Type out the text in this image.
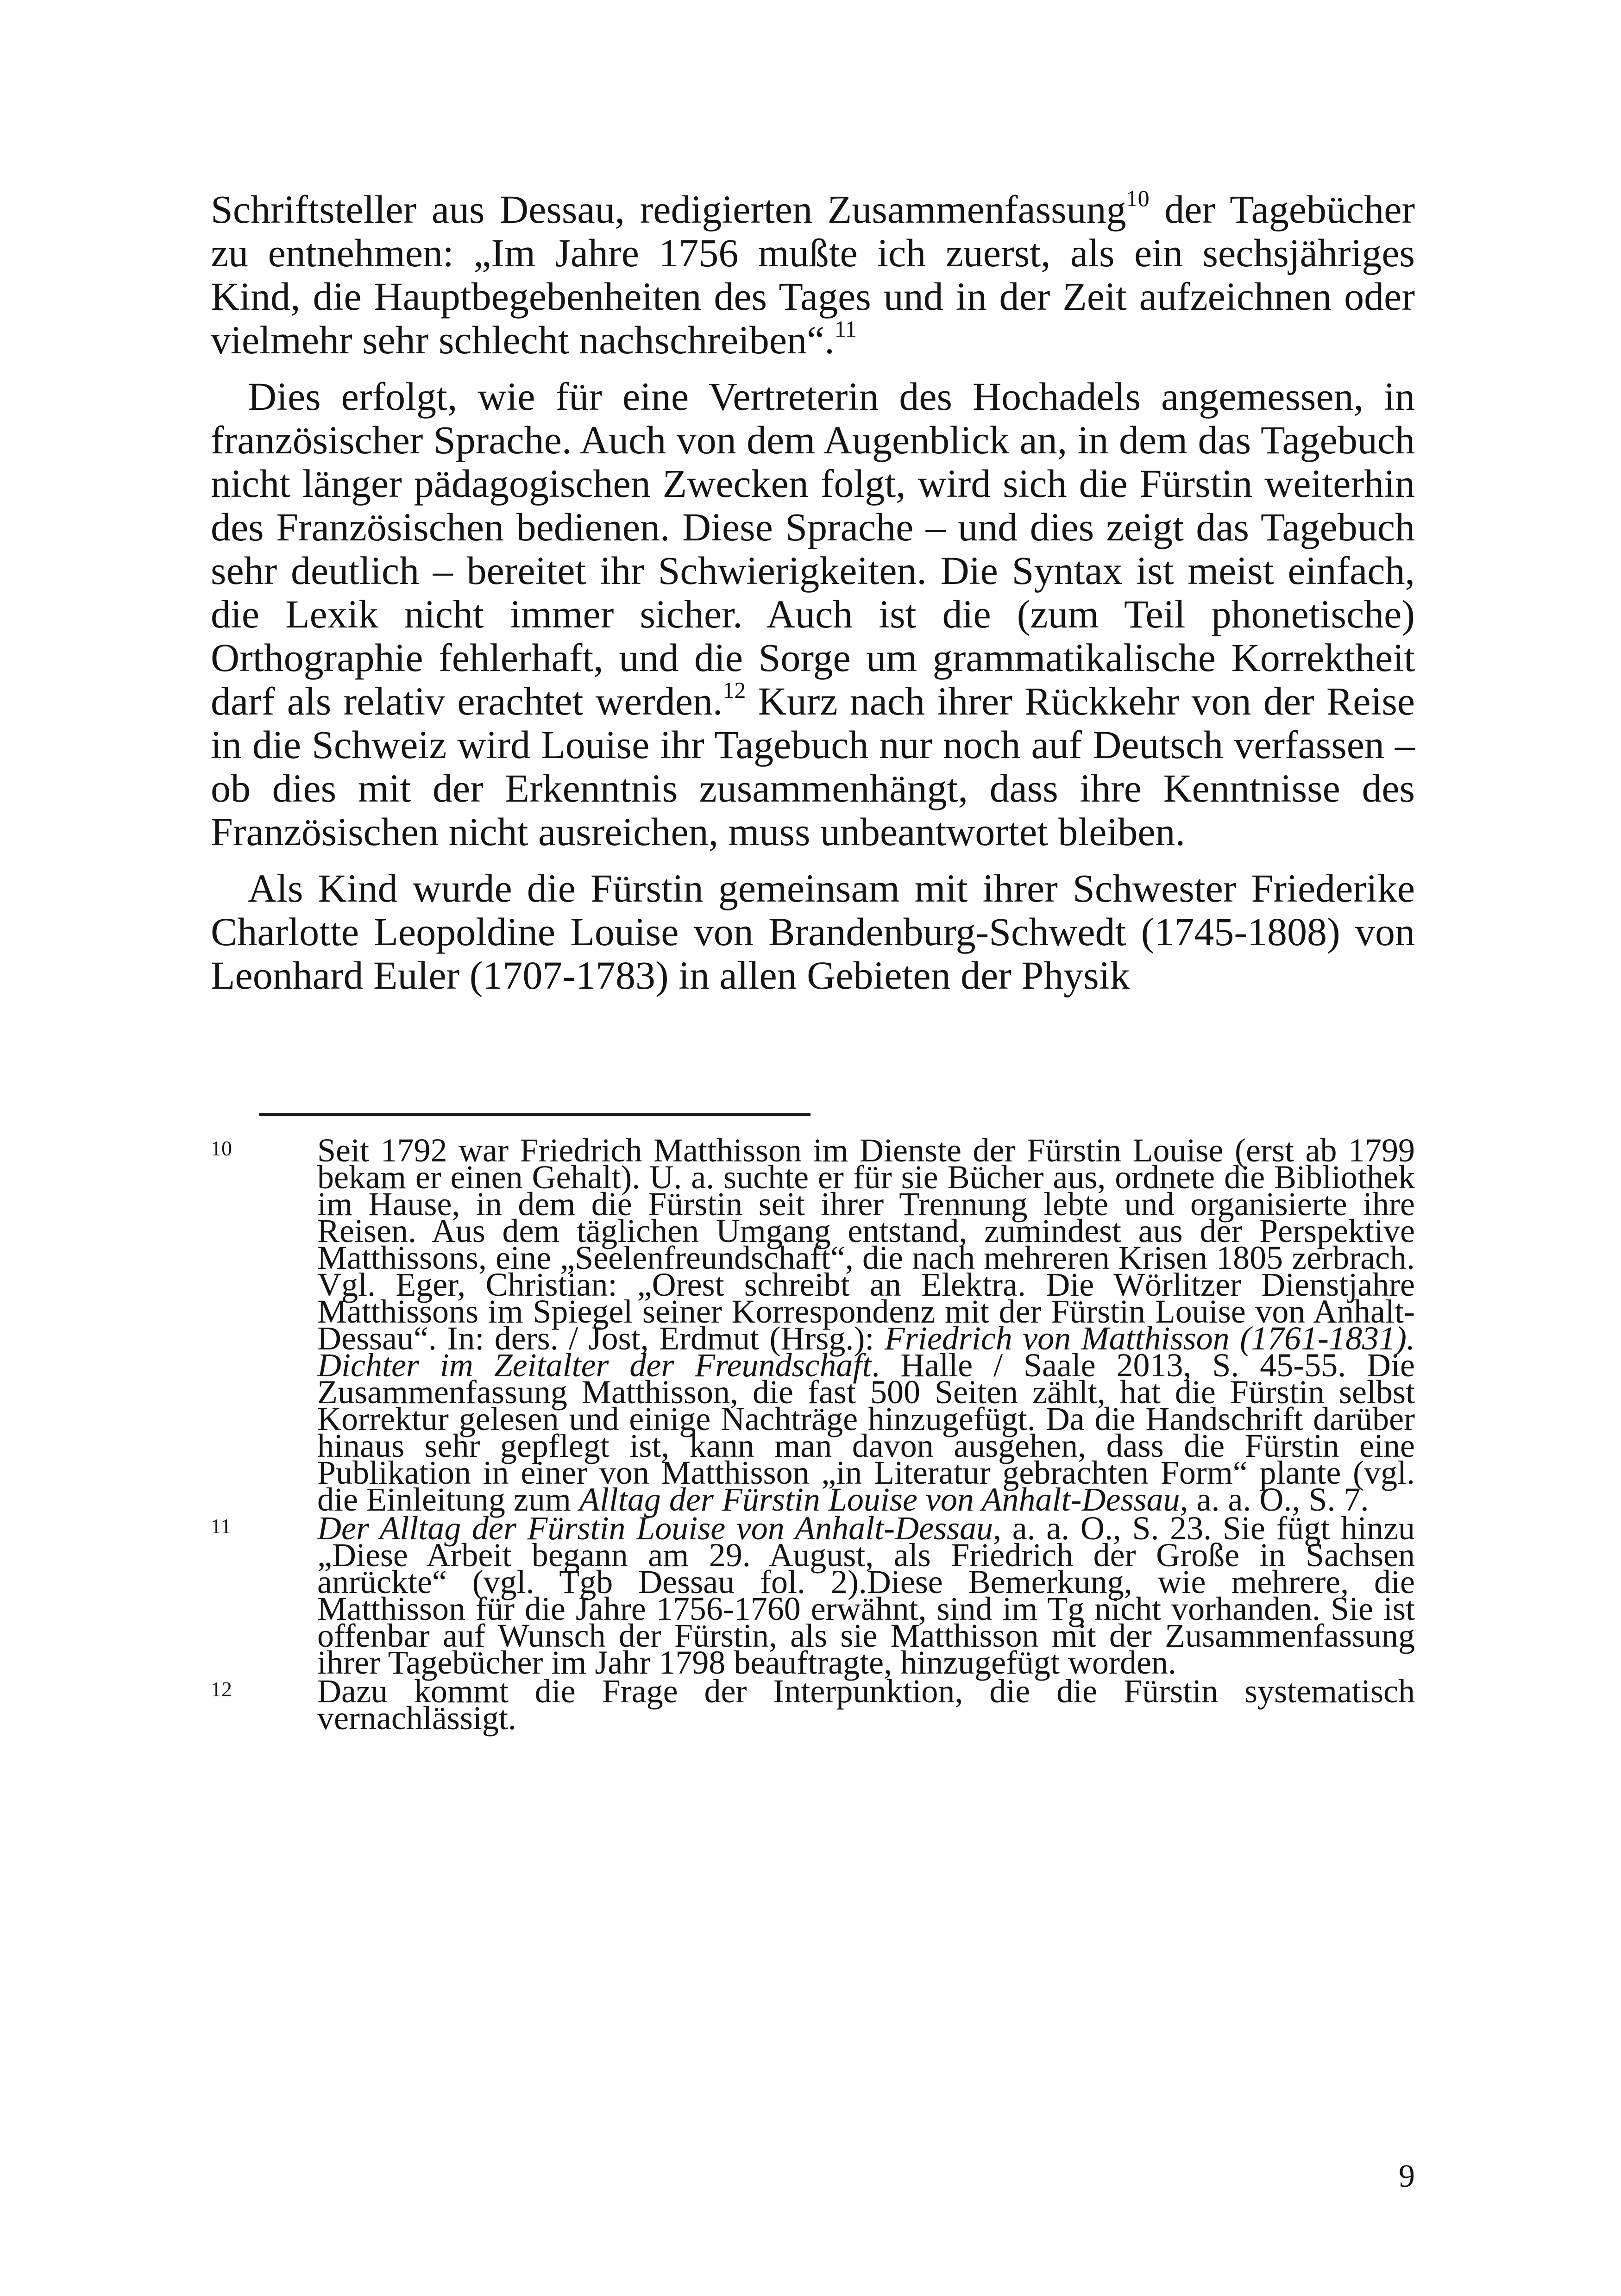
Schriftsteller aus Dessau, redigierten Zusammenfassung$^{10}$ der Tagebücher zu entnehmen: „Im Jahre 1756 mußte ich zuerst, als ein sechsjähriges Kind, die Hauptbegebenheiten des Tages und in der Zeit aufzeichnen oder vielmehr sehr schlecht nachschreiben“.$^{11}$

Dies erfolgt, wie für eine Vertreterin des Hochadels angemessen, in französischer Sprache. Auch von dem Augenblick an, in dem das Tagebuch nicht länger pädagogischen Zwecken folgt, wird sich die Fürstin weiterhin des Französischen bedienen. Diese Sprache – und dies zeigt das Tagebuch sehr deutlich – bereitet ihr Schwierigkeiten. Die Syntax ist meist einfach, die Lexik nicht immer sicher. Auch ist die (zum Teil phonetische) Orthographie fehlerhaft, und die Sorge um grammatikalische Korrektheit darf als relativ erachtet werden.$^{12}$ Kurz nach ihrer Rückkehr von der Reise in die Schweiz wird Louise ihr Tagebuch nur noch auf Deutsch verfassen – ob dies mit der Erkenntnis zusammenhängt, dass ihre Kenntnisse des Französischen nicht ausreichen, muss unbeantwortet bleiben.

Als Kind wurde die Fürstin gemeinsam mit ihrer Schwester Friederike Charlotte Leopoldine Louise von Brandenburg-Schwedt (1745-1808) von Leonhard Euler (1707-1783) in allen Gebieten der Physik

10	Seit 1792 war Friedrich Matthisson im Dienste der Fürstin Louise (erst ab 1799 bekam er einen Gehalt). U. a. suchte er für sie Bücher aus, ordnete die Bibliothek im Hause, in dem die Fürstin seit ihrer Trennung lebte und organisierte ihre Reisen. Aus dem täglichen Umgang entstand, zumindest aus der Perspektive Matthissons, eine „Seelenfreundschaft“, die nach mehreren Krisen 1805 zerbrach. Vgl. Eger, Christian: „Orest schreibt an Elektra. Die Wörlitzer Dienstjahre Matthissons im Spiegel seiner Korrespondenz mit der Fürstin Louise von Anhalt-Dessau“. In: ders. / Jost, Erdmut (Hrsg.): Friedrich von Matthisson (1761-1831). Dichter im Zeitalter der Freundschaft. Halle / Saale 2013, S. 45-55. Die Zusammenfassung Matthisson, die fast 500 Seiten zählt, hat die Fürstin selbst Korrektur gelesen und einige Nachträge hinzugefügt. Da die Handschrift darüber hinaus sehr gepflegt ist, kann man davon ausgehen, dass die Fürstin eine Publikation in einer von Matthisson „in Literatur gebrachten Form“ plante (vgl. die Einleitung zum Alltag der Fürstin Louise von Anhalt-Dessau, a. a. O., S. 7.
11	Der Alltag der Fürstin Louise von Anhalt-Dessau, a. a. O., S. 23. Sie fügt hinzu „Diese Arbeit begann am 29. August, als Friedrich der Große in Sachsen anrückte“ (vgl. Tgb Dessau fol. 2).Diese Bemerkung, wie mehrere, die Matthisson für die Jahre 1756-1760 erwähnt, sind im Tg nicht vorhanden. Sie ist offenbar auf Wunsch der Fürstin, als sie Matthisson mit der Zusammenfassung ihrer Tagebücher im Jahr 1798 beauftragte, hinzugefügt worden.
12	Dazu kommt die Frage der Interpunktion, die die Fürstin systematisch vernachlässigt.
9
